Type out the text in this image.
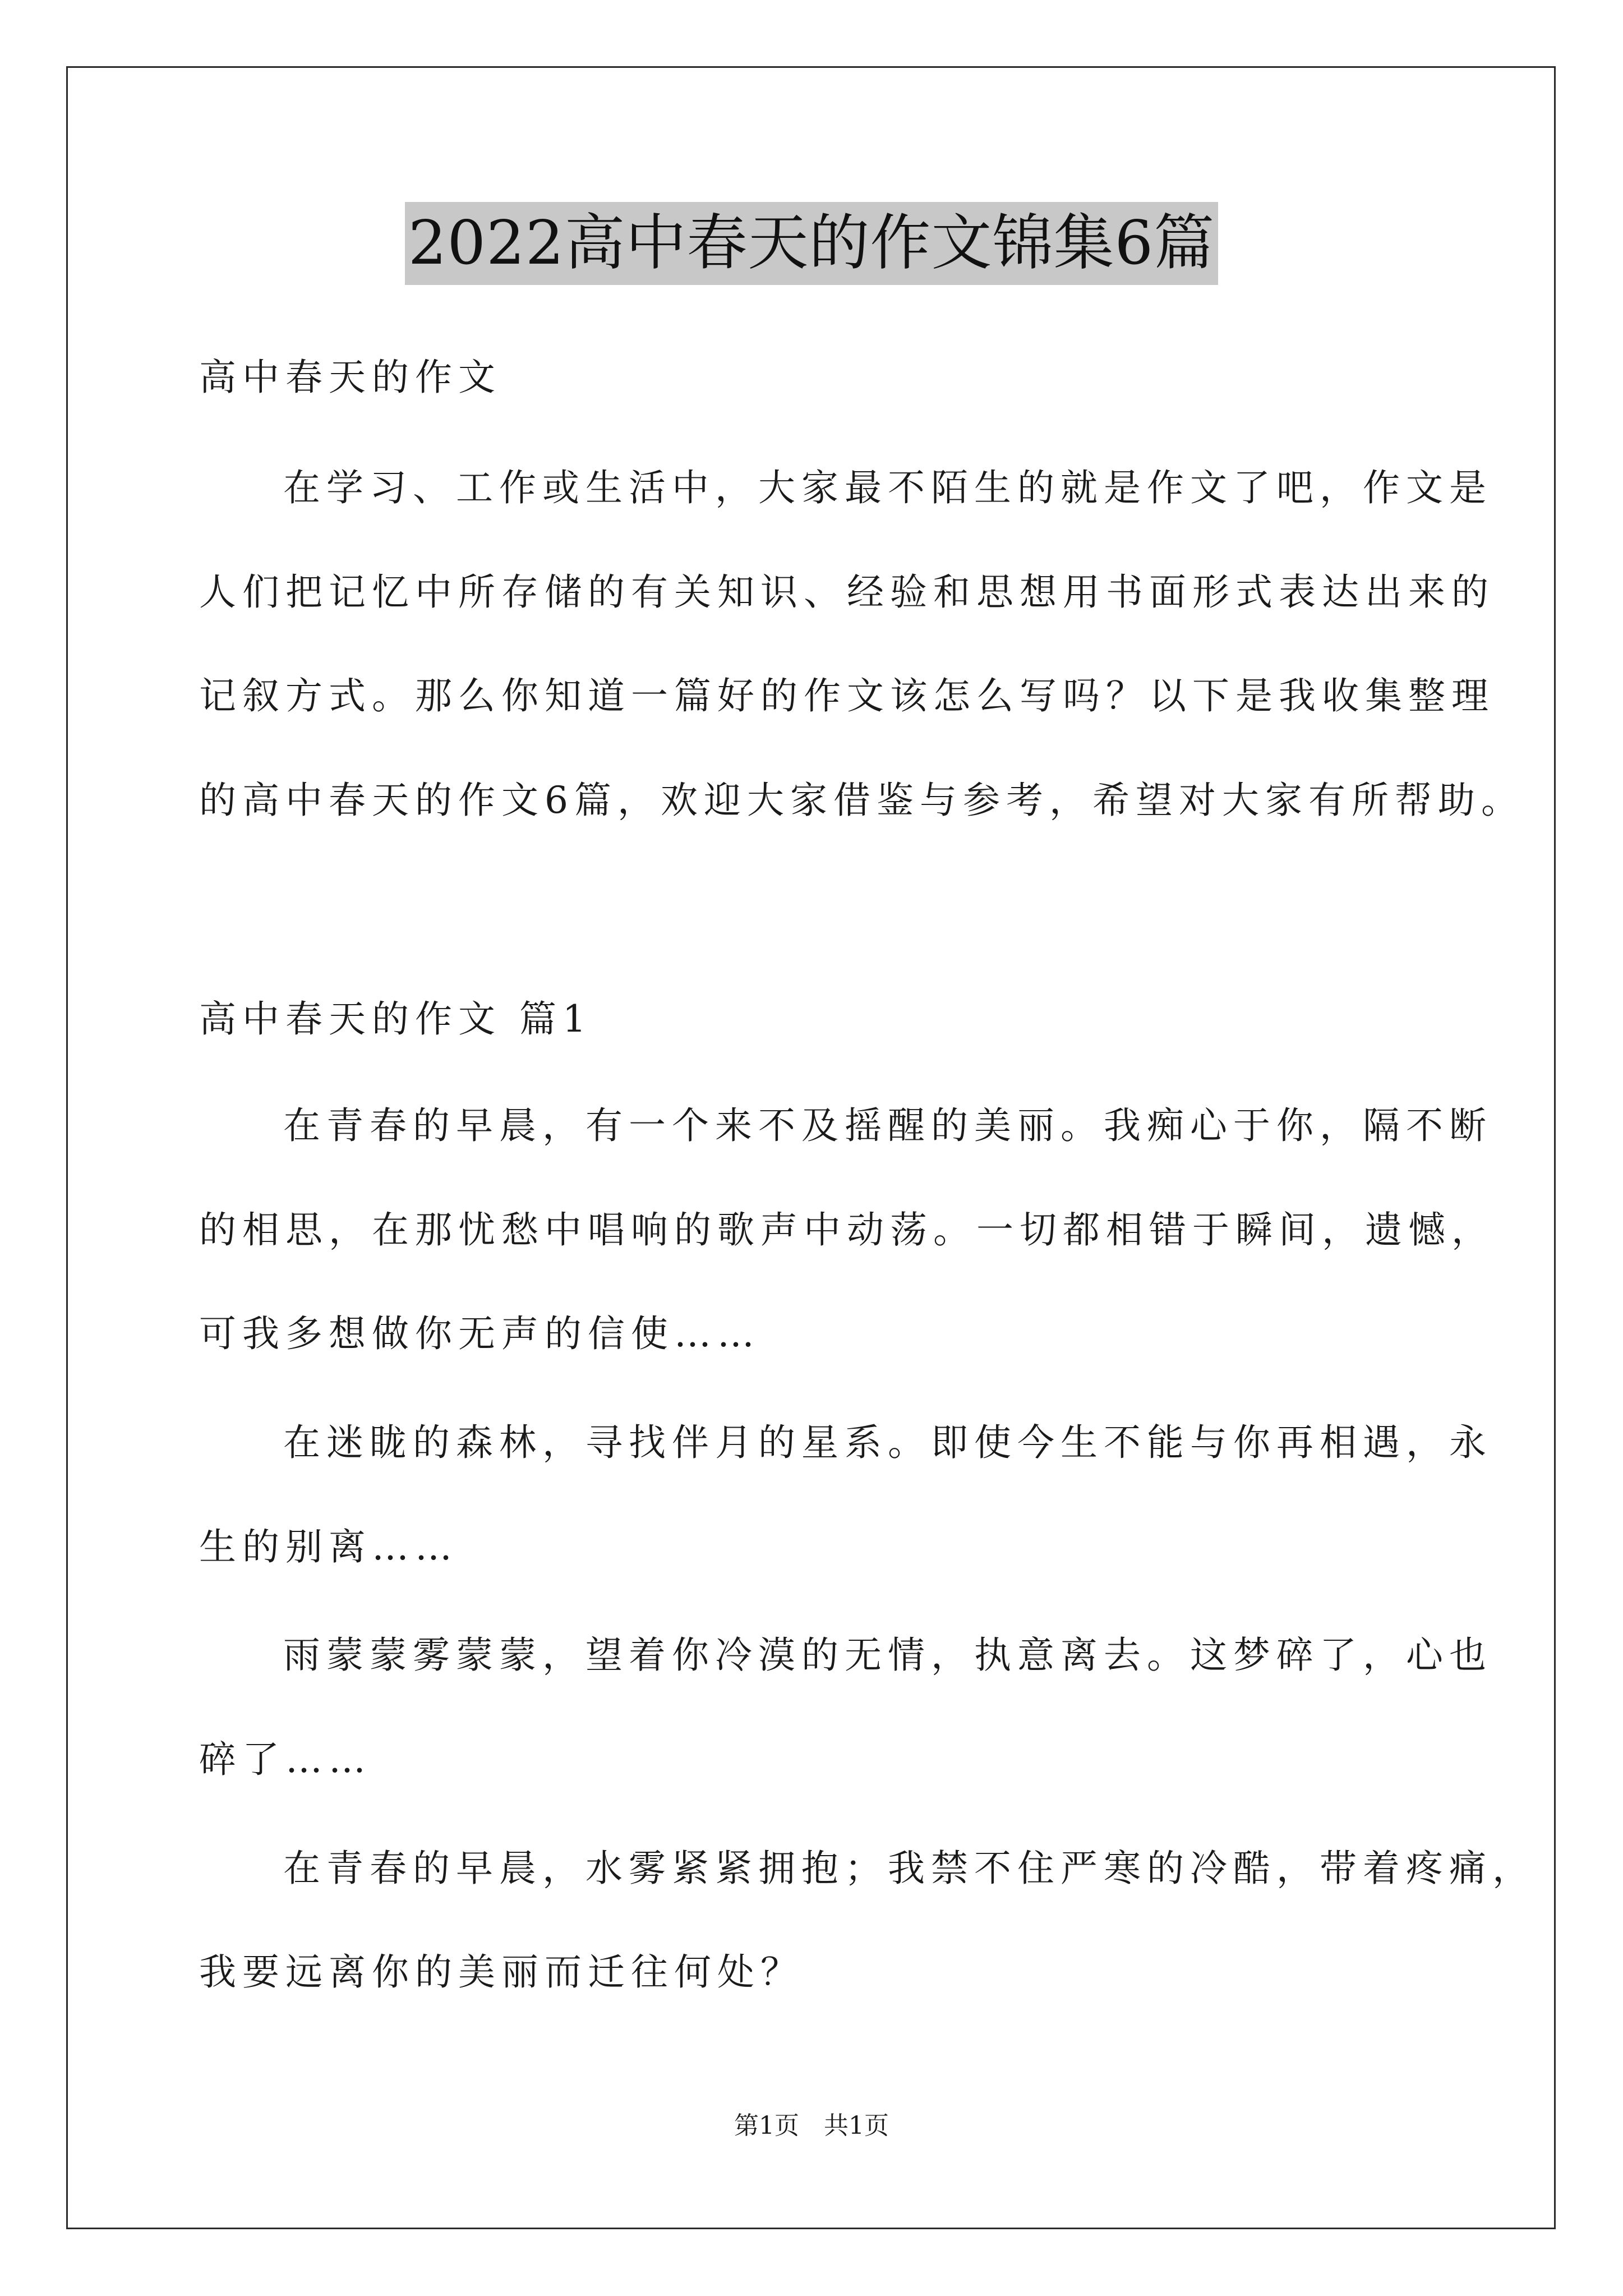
2022高中春天的作文锦集6篇
高中春天的作文
在学习、工作或生活中，大家最不陌生的就是作文了吧，作文是
人们把记忆中所存储的有关知识、经验和思想用书面形式表达出来的
记叙方式。那么你知道一篇好的作文该怎么写吗？以下是我收集整理
的高中春天的作文6篇，欢迎大家借鉴与参考，希望对大家有所帮助。
高中春天的作文 篇1
在青春的早晨，有一个来不及摇醒的美丽。我痴心于你，隔不断
的相思，在那忧愁中唱响的歌声中动荡。一切都相错于瞬间，遗憾，
可我多想做你无声的信使……
在迷眬的森林，寻找伴月的星系。即使今生不能与你再相遇，永
生的别离……
雨蒙蒙雾蒙蒙，望着你冷漠的无情，执意离去。这梦碎了，心也
碎了……
在青春的早晨，水雾紧紧拥抱；我禁不住严寒的冷酷，带着疼痛，
我要远离你的美丽而迁往何处？
第1页　共1页
